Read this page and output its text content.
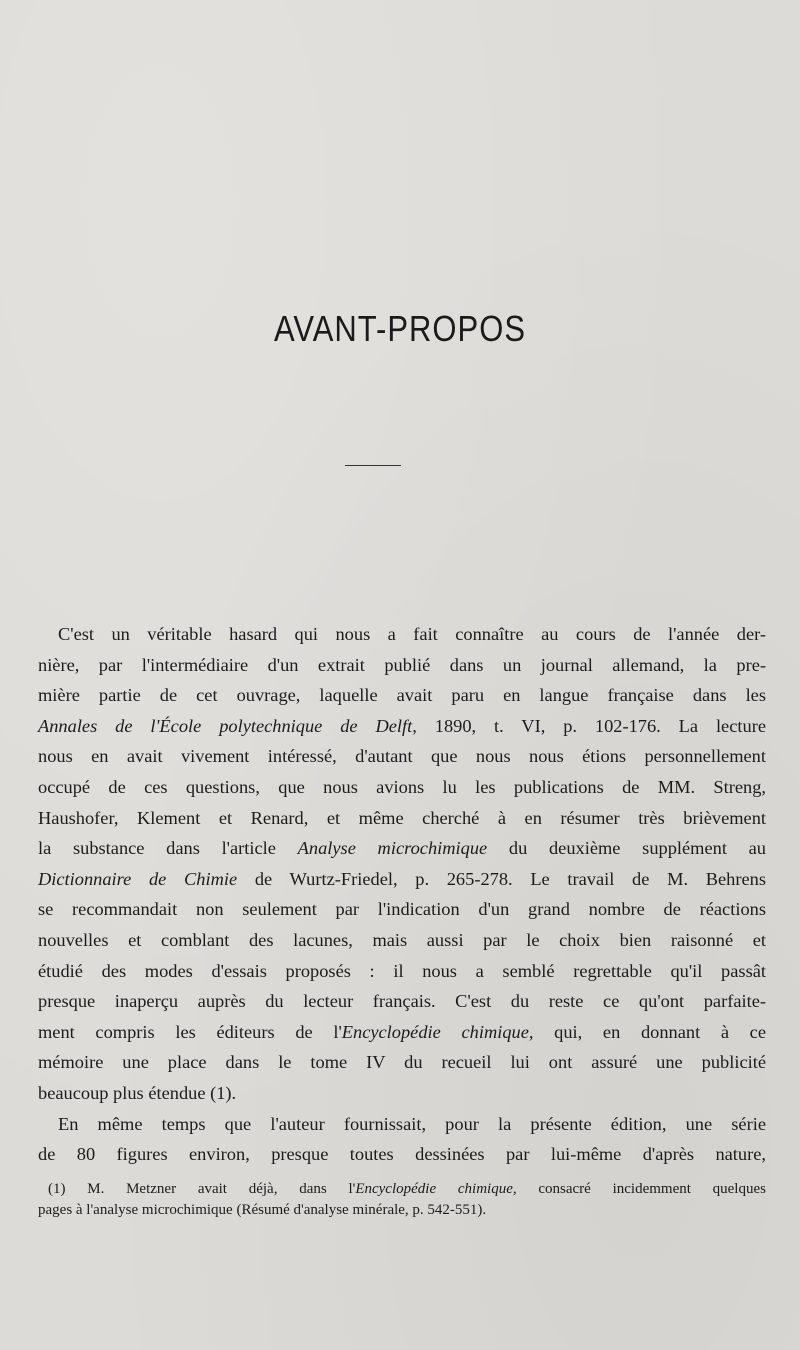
AVANT-PROPOS
C'est un véritable hasard qui nous a fait connaître au cours de l'année der-
nière, par l'intermédiaire d'un extrait publié dans un journal allemand, la pre-
mière partie de cet ouvrage, laquelle avait paru en langue française dans les
Annales de l'École polytechnique de Delft, 1890, t. VI, p. 102-176. La lecture
nous en avait vivement intéressé, d'autant que nous nous étions personnellement
occupé de ces questions, que nous avions lu les publications de MM. Streng,
Haushofer, Klement et Renard, et même cherché à en résumer très brièvement
la substance dans l'article Analyse microchimique du deuxième supplément au
Dictionnaire de Chimie de Wurtz-Friedel, p. 265-278. Le travail de M. Behrens
se recommandait non seulement par l'indication d'un grand nombre de réactions
nouvelles et comblant des lacunes, mais aussi par le choix bien raisonné et
étudié des modes d'essais proposés : il nous a semblé regrettable qu'il passât
presque inaperçu auprès du lecteur français. C'est du reste ce qu'ont parfaite-
ment compris les éditeurs de l'Encyclopédie chimique, qui, en donnant à ce
mémoire une place dans le tome IV du recueil lui ont assuré une publicité
beaucoup plus étendue (1).
En même temps que l'auteur fournissait, pour la présente édition, une série
de 80 figures environ, presque toutes dessinées par lui-même d'après nature,
(1) M. Metzner avait déjà, dans l'Encyclopédie chimique, consacré incidemment quelques
pages à l'analyse microchimique (Résumé d'analyse minérale, p. 542-551).
